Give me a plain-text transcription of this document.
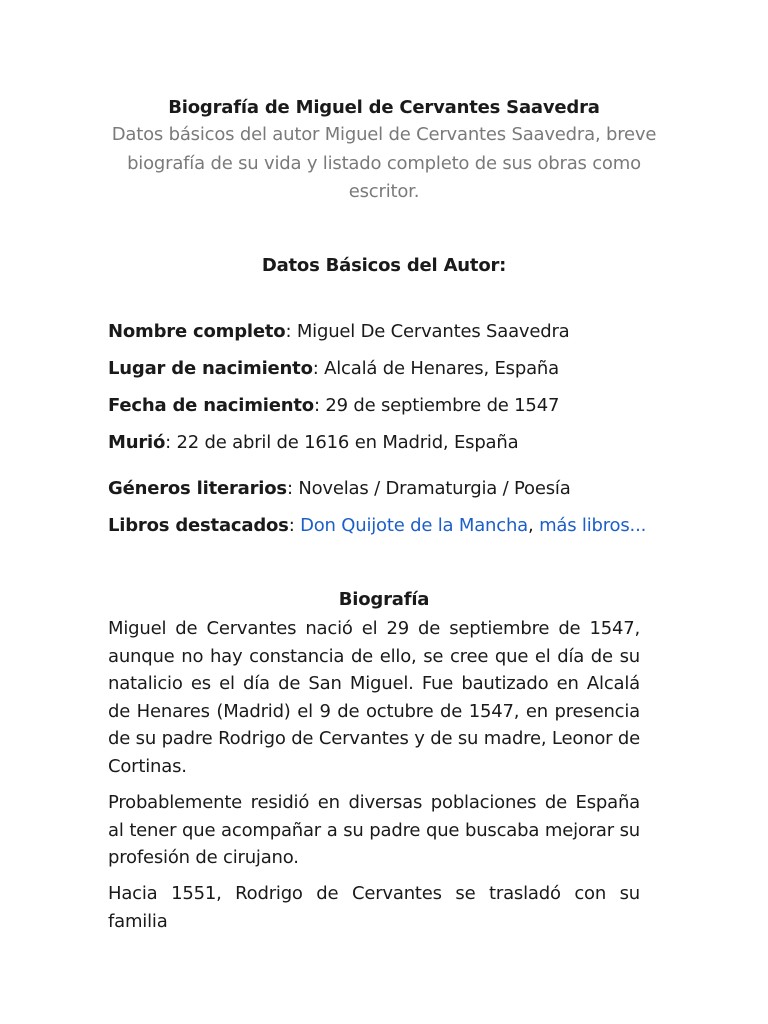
Biografía de Miguel de Cervantes Saavedra
Datos básicos del autor Miguel de Cervantes Saavedra, breve biografía de su vida y listado completo de sus obras como escritor.
Datos Básicos del Autor:
Nombre completo: Miguel De Cervantes Saavedra
Lugar de nacimiento: Alcalá de Henares, España
Fecha de nacimiento: 29 de septiembre de 1547
Murió: 22 de abril de 1616 en Madrid, España
Géneros literarios: Novelas / Dramaturgia / Poesía
Libros destacados: Don Quijote de la Mancha, más libros...
Biografía
Miguel de Cervantes nació el 29 de septiembre de 1547, aunque no hay constancia de ello, se cree que el día de su natalicio es el día de San Miguel. Fue bautizado en Alcalá de Henares (Madrid) el 9 de octubre de 1547, en presencia de su padre Rodrigo de Cervantes y de su madre, Leonor de Cortinas.
Probablemente residió en diversas poblaciones de España al tener que acompañar a su padre que buscaba mejorar su profesión de cirujano.
Hacia 1551, Rodrigo de Cervantes se trasladó con su familia
